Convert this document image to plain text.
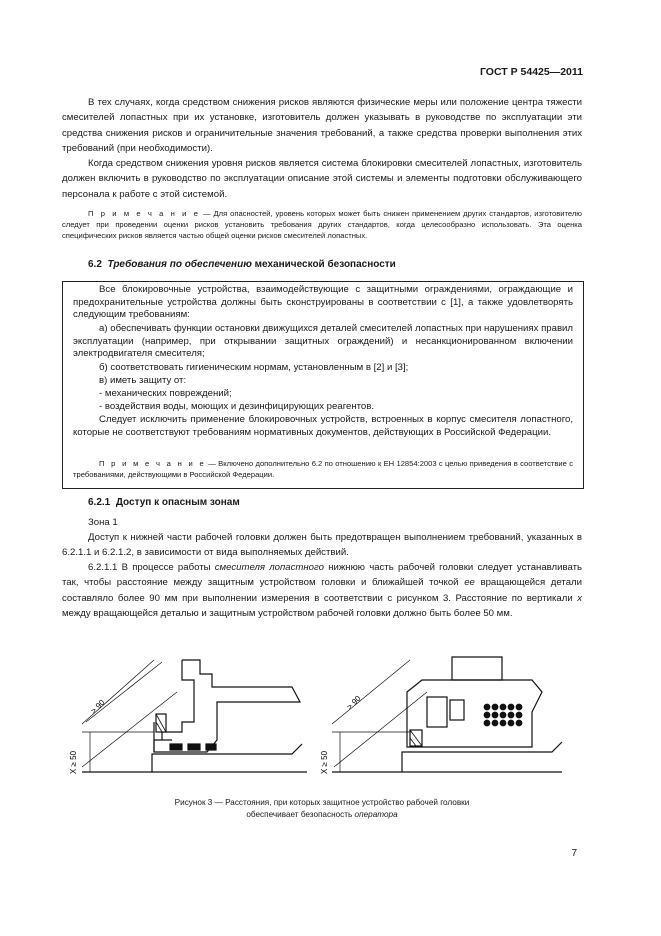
ГОСТ Р 54425—2011

В тех случаях, когда средством снижения рисков являются физические меры или положение центра тяжести смесителей лопастных при их установке, изготовитель должен указывать в руководстве по эксплуатации эти средства снижения рисков и ограничительные значения требований, а также средства проверки выполнения этих требований (при необходимости).

Когда средством снижения уровня рисков является система блокировки смесителей лопастных, изготовитель должен включить в руководство по эксплуатации описание этой системы и элементы подготовки обслуживающего персонала к работе с этой системой.

П р и м е ч а н и е — Для опасностей, уровень которых может быть снижен применением других стандартов, изготовителю следует при проведении оценки рисков установить требования других стандартов, когда целесообразно использовать. Эта оценка специфических рисков является частью общей оценки рисков смесителей лопастных.

6.2 Требования по обеспечению механической безопасности

Все блокировочные устройства, взаимодействующие с защитными ограждениями, ограждающие и предохранительные устройства должны быть сконструированы в соответствии с [1], а также удовлетворять следующим требованиям:

а) обеспечивать функции остановки движущихся деталей смесителей лопастных при нарушениях правил эксплуатации (например, при открывании защитных ограждений) и несанкционированном включении электродвигателя смесителя;

б) соответствовать гигиеническим нормам, установленным в [2] и [3];

в) иметь защиту от:

- механических повреждений;

- воздействия воды, моющих и дезинфицирующих реагентов.

Следует исключить применение блокировочных устройств, встроенных в корпус смесителя лопастного, которые не соответствуют требованиям нормативных документов, действующих в Российской Федерации.

П р и м е ч а н и е — Включено дополнительно 6.2 по отношению к ЕН 12854:2003 с целью приведения в соответствие с требованиями, действующими в Российской Федерации.

6.2.1 Доступ к опасным зонам

Зона 1

Доступ к нижней части рабочей головки должен быть предотвращен выполнением требований, указанных в 6.2.1.1 и 6.2.1.2, в зависимости от вида выполняемых действий.

6.2.1.1 В процессе работы смесителя лопастного нижнюю часть рабочей головки следует устанавливать так, чтобы расстояние между защитным устройством головки и ближайшей точкой ее вращающейся детали составляло более 90 мм при выполнении измерения в соответствии с рисунком 3. Расстояние по вертикали x между вращающейся деталью и защитным устройством рабочей головки должно быть более 50 мм.

> 90
X ≥ 50
> 90
X ≥ 50

Рисунок 3 — Расстояния, при которых защитное устройство рабочей головки

обеспечивает безопасность оператора

7
